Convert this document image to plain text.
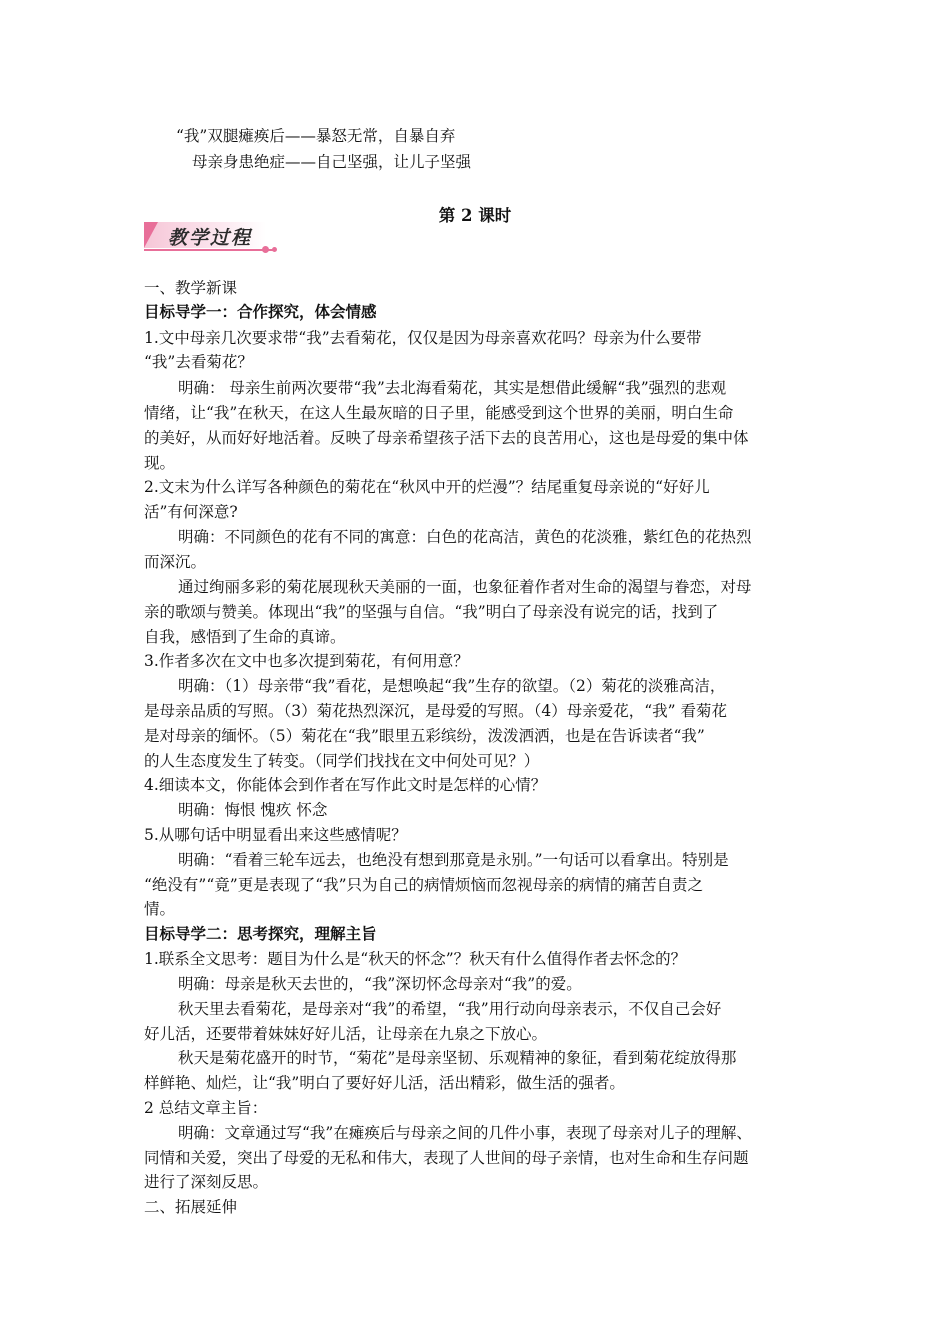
“我”双腿瘫痪后——暴怒无常，自暴自弃
母亲身患绝症——自己坚强，让儿子坚强
第 2 课时
教学过程
一、教学新课
目标导学一：合作探究，体会情感
1.文中母亲几次要求带“我”去看菊花，仅仅是因为母亲喜欢花吗？母亲为什么要带
“我”去看菊花？
明确： 母亲生前两次要带“我”去北海看菊花，其实是想借此缓解“我”强烈的悲观
情绪，让“我”在秋天，在这人生最灰暗的日子里，能感受到这个世界的美丽，明白生命
的美好，从而好好地活着。反映了母亲希望孩子活下去的良苦用心，这也是母爱的集中体
现。
2.文末为什么详写各种颜色的菊花在“秋风中开的烂漫”？结尾重复母亲说的“好好儿
活”有何深意?
明确：不同颜色的花有不同的寓意：白色的花高洁，黄色的花淡雅，紫红色的花热烈
而深沉。
通过绚丽多彩的菊花展现秋天美丽的一面，也象征着作者对生命的渴望与眷恋，对母
亲的歌颂与赞美。体现出“我”的坚强与自信。“我”明白了母亲没有说完的话，找到了
自我，感悟到了生命的真谛。
3.作者多次在文中也多次提到菊花，有何用意？
明确：（1）母亲带“我”看花，是想唤起“我”生存的欲望。（2）菊花的淡雅高洁，
是母亲品质的写照。（3）菊花热烈深沉，是母爱的写照。（4）母亲爱花，“我” 看菊花
是对母亲的缅怀。（5）菊花在“我”眼里五彩缤纷，泼泼洒洒，也是在告诉读者“我”
的人生态度发生了转变。（同学们找找在文中何处可见？）
4.细读本文，你能体会到作者在写作此文时是怎样的心情？
明确：悔恨 愧疚 怀念
5.从哪句话中明显看出来这些感情呢？
明确：“看着三轮车远去，也绝没有想到那竟是永别。”一句话可以看拿出。特别是
“绝没有”“竟”更是表现了“我”只为自己的病情烦恼而忽视母亲的病情的痛苦自责之
情。
目标导学二：思考探究，理解主旨
1.联系全文思考：题目为什么是“秋天的怀念”？秋天有什么值得作者去怀念的？
明确：母亲是秋天去世的，“我”深切怀念母亲对“我”的爱。
秋天里去看菊花，是母亲对“我”的希望，“我”用行动向母亲表示，不仅自己会好
好儿活，还要带着妹妹好好儿活，让母亲在九泉之下放心。
秋天是菊花盛开的时节，“菊花”是母亲坚韧、乐观精神的象征，看到菊花绽放得那
样鲜艳、灿烂，让“我”明白了要好好儿活，活出精彩，做生活的强者。
2 总结文章主旨：
明确：文章通过写“我”在瘫痪后与母亲之间的几件小事，表现了母亲对儿子的理解、
同情和关爱，突出了母爱的无私和伟大，表现了人世间的母子亲情，也对生命和生存问题
进行了深刻反思。
二、拓展延伸
